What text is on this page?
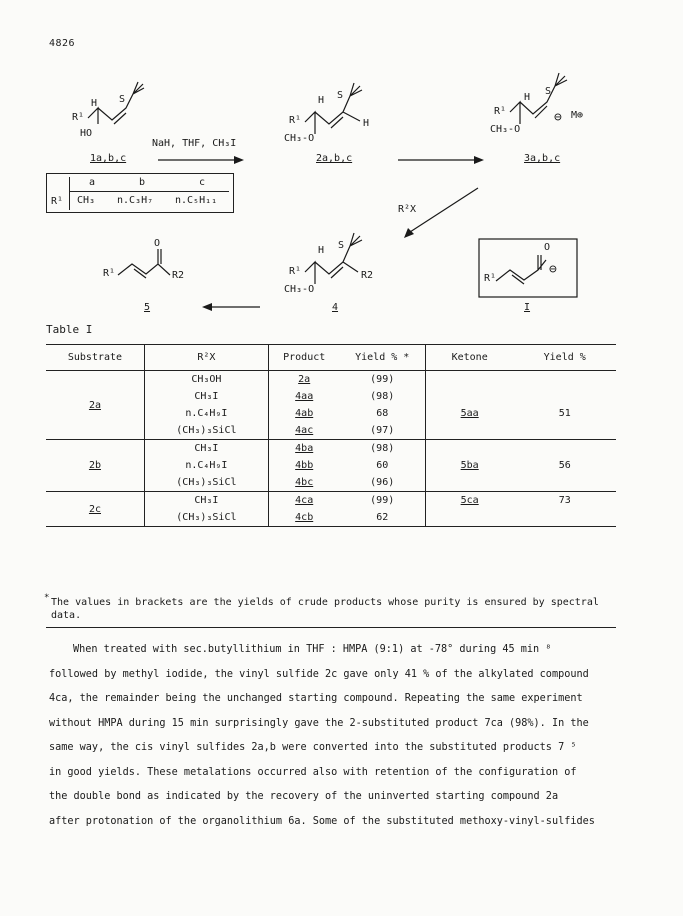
4826
H S
R¹
HO
1a,b,c
NaH, THF, CH₃I
H S
R¹	H
CH₃-O
2a,b,c
H
S
R¹	⊖ M⊕
CH₃-O
3a,b,c
R¹
a	b	c
CH₃ n.C₃H₇ n.C₅H₁₁
R²X
O
R¹	R2
5
H S
R¹	R2
CH₃-O
4
O
R¹
⊖
I
Table I
Substrate	R²X	Product	Yield % *	Ketone	Yield %
2a	CH₃OH	2a	(99)		
	CH₃I	4aa	(98)		
	n.C₄H₉I	4ab	68	5aa	51
	(CH₃)₃SiCl	4ac	(97)		
2b	CH₃I	4ba	(98)		
	n.C₄H₉I	4bb	60	5ba	56
	(CH₃)₃SiCl	4bc	(96)		
2c	CH₃I	4ca	(99)	5ca	73
	(CH₃)₃SiCl	4cb	62		
* The values in brackets are the yields of crude products whose purity is ensured by spectral data.

When treated with sec.butyllithium in THF : HMPA (9:1) at -78° during 45 min ⁸

followed by methyl iodide, the vinyl sulfide 2c gave only 41 % of the alkylated compound

4ca, the remainder being the unchanged starting compound. Repeating the same experiment

without HMPA during 15 min surprisingly gave the 2-substituted product 7ca (98%). In the

same way, the cis vinyl sulfides 2a,b were converted into the substituted products 7 ⁵

in good yields. These metalations occurred also with retention of the configuration of

the double bond as indicated by the recovery of the uninverted starting compound 2a

after protonation of the organolithium 6a. Some of the substituted methoxy-vinyl-sulfides
